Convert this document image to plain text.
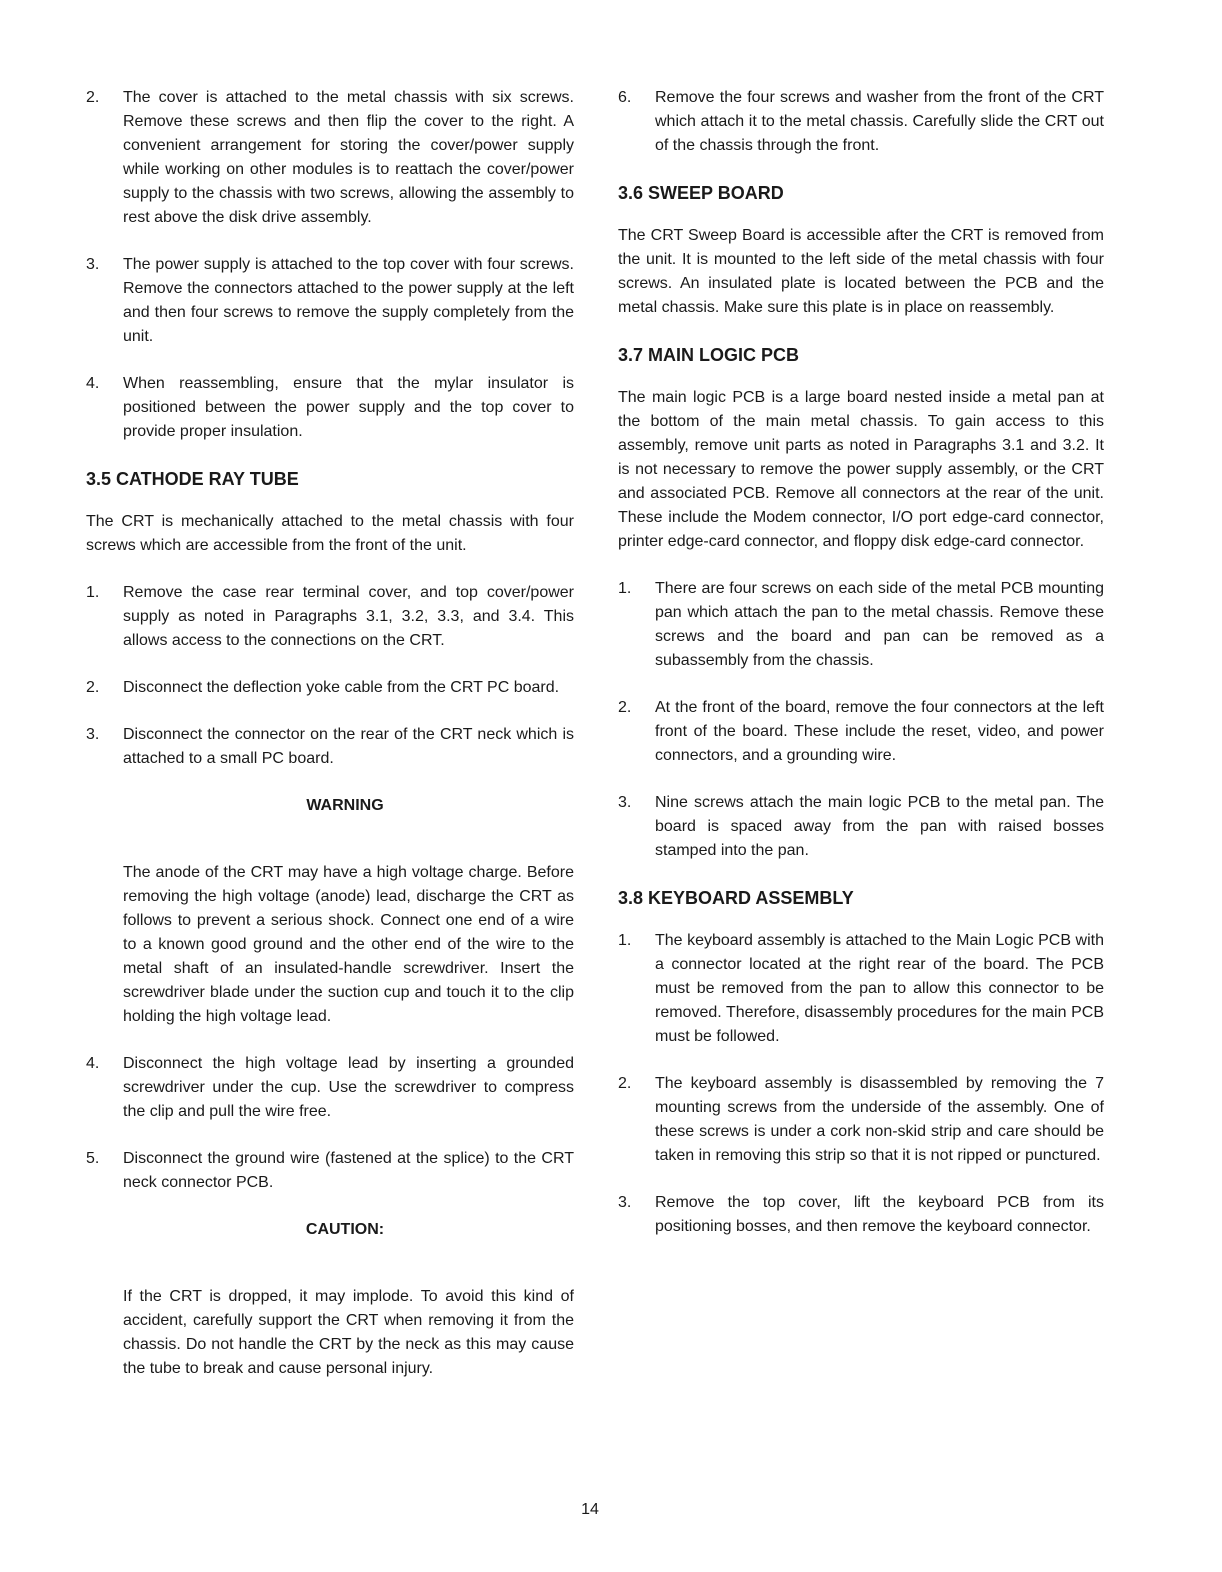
2.	The cover is attached to the metal chassis with six screws. Remove these screws and then flip the cover to the right. A convenient arrangement for storing the cover/power supply while working on other modules is to reattach the cover/power supply to the chassis with two screws, allowing the assembly to rest above the disk drive assembly.
3.	The power supply is attached to the top cover with four screws. Remove the connectors attached to the power supply at the left and then four screws to remove the supply completely from the unit.
4.	When reassembling, ensure that the mylar insulator is positioned between the power supply and the top cover to provide proper insulation.
3.5 CATHODE RAY TUBE

The CRT is mechanically attached to the metal chassis with four screws which are accessible from the front of the unit.

1.	Remove the case rear terminal cover, and top cover/power supply as noted in Paragraphs 3.1, 3.2, 3.3, and 3.4. This allows access to the connections on the CRT.
2.	Disconnect the deflection yoke cable from the CRT PC board.
3.	Disconnect the connector on the rear of the CRT neck which is attached to a small PC board.
WARNING

The anode of the CRT may have a high voltage charge. Before removing the high voltage (anode) lead, discharge the CRT as follows to prevent a serious shock. Connect one end of a wire to a known good ground and the other end of the wire to the metal shaft of an insulated-handle screwdriver. Insert the screwdriver blade under the suction cup and touch it to the clip holding the high voltage lead.

4.	Disconnect the high voltage lead by inserting a grounded screwdriver under the cup. Use the screwdriver to compress the clip and pull the wire free.
5.	Disconnect the ground wire (fastened at the splice) to the CRT neck connector PCB.
CAUTION:

If the CRT is dropped, it may implode. To avoid this kind of accident, carefully support the CRT when removing it from the chassis. Do not handle the CRT by the neck as this may cause the tube to break and cause personal injury.

6.	Remove the four screws and washer from the front of the CRT which attach it to the metal chassis. Carefully slide the CRT out of the chassis through the front.
3.6 SWEEP BOARD

The CRT Sweep Board is accessible after the CRT is removed from the unit. It is mounted to the left side of the metal chassis with four screws. An insulated plate is located between the PCB and the metal chassis. Make sure this plate is in place on reassembly.

3.7 MAIN LOGIC PCB

The main logic PCB is a large board nested inside a metal pan at the bottom of the main metal chassis. To gain access to this assembly, remove unit parts as noted in Paragraphs 3.1 and 3.2. It is not necessary to remove the power supply assembly, or the CRT and associated PCB. Remove all connectors at the rear of the unit. These include the Modem connector, I/O port edge-card connector, printer edge-card connector, and floppy disk edge-card connector.

1.	There are four screws on each side of the metal PCB mounting pan which attach the pan to the metal chassis. Remove these screws and the board and pan can be removed as a subassembly from the chassis.
2.	At the front of the board, remove the four connectors at the left front of the board. These include the reset, video, and power connectors, and a grounding wire.
3.	Nine screws attach the main logic PCB to the metal pan. The board is spaced away from the pan with raised bosses stamped into the pan.
3.8 KEYBOARD ASSEMBLY
1.	The keyboard assembly is attached to the Main Logic PCB with a connector located at the right rear of the board. The PCB must be removed from the pan to allow this connector to be removed. Therefore, disassembly procedures for the main PCB must be followed.
2.	The keyboard assembly is disassembled by removing the 7 mounting screws from the underside of the assembly. One of these screws is under a cork non-skid strip and care should be taken in removing this strip so that it is not ripped or punctured.
3.	Remove the top cover, lift the keyboard PCB from its positioning bosses, and then remove the keyboard connector.
14
